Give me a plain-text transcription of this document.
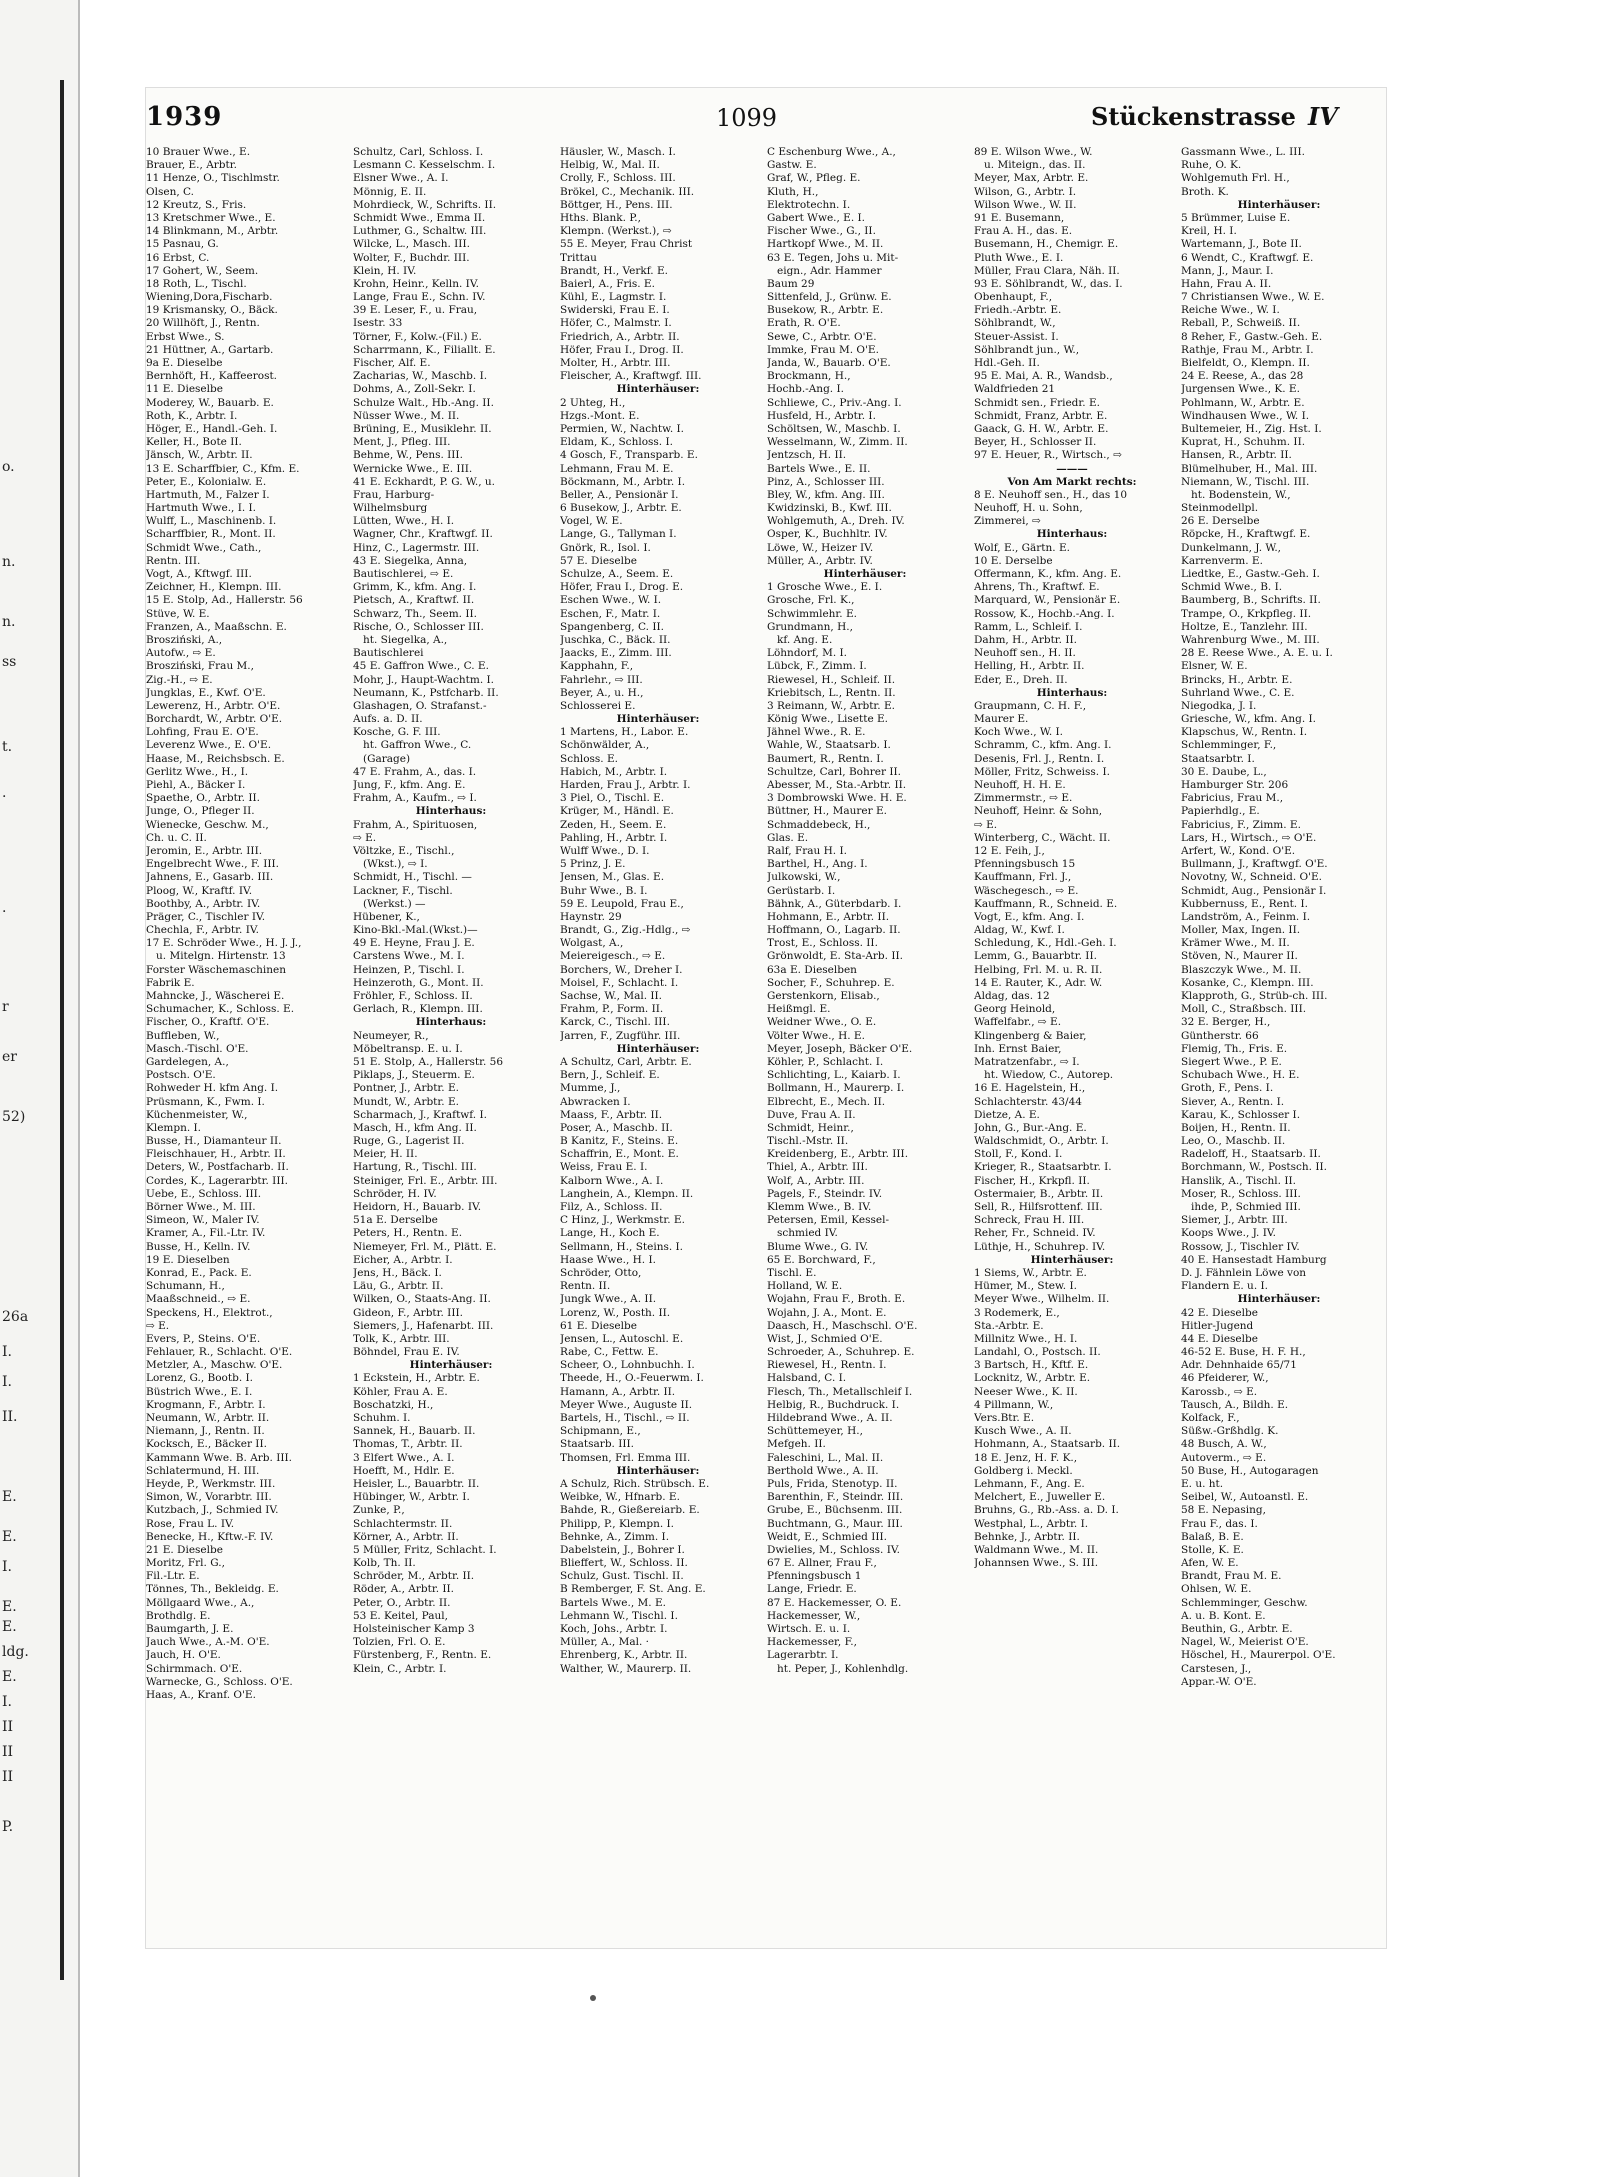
o.
n.
n.
ss
t.
·
·
r
er
52)
26a
I.
I.
II.
E.
E.
I.
E.
E.
ldg.
E.
I.
II
II
II
P.
1939	1099	Stückenstrasse IV
10 Brauer Wwe., E.
Brauer, E., Arbtr.
11 Henze, O., Tischlmstr.
Olsen, C.
12 Kreutz, S., Fris.
13 Kretschmer Wwe., E.
14 Blinkmann, M., Arbtr.
15 Pasnau, G.
16 Erbst, C.
17 Gohert, W., Seem.
18 Roth, L., Tischl.
Wiening,Dora,Fischarb.
19 Krismansky, O., Bäck.
20 Willhöft, J., Rentn.
Erbst Wwe., S.
21 Hüttner, A., Gartarb.
9a E. Dieselbe
Bernhöft, H., Kaffeerost.
11 E. Dieselbe
Moderey, W., Bauarb. E.
Roth, K., Arbtr. I.
Höger, E., Handl.-Geh. I.
Keller, H., Bote II.
Jänsch, W., Arbtr. II.
13 E. Scharffbier, C., Kfm. E.
Peter, E., Kolonialw. E.
Hartmuth, M., Falzer I.
Hartmuth Wwe., I. I.
Wulff, L., Maschinenb. I.
Scharffbier, R., Mont. II.
Schmidt Wwe., Cath.,
Rentn. III.
Vogt, A., Kftwgf. III.
Zeichner, H., Klempn. III.
15 E. Stolp, Ad., Hallerstr. 56
Stüve, W. E.
Franzen, A., Maaßschn. E.
Brosziński, A.,
Autofw., ⇨ E.
Brosziński, Frau M.,
Zig.-H., ⇨ E.
Jungklas, E., Kwf. O'E.
Lewerenz, H., Arbtr. O'E.
Borchardt, W., Arbtr. O'E.
Lohfing, Frau E. O'E.
Leverenz Wwe., E. O'E.
Haase, M., Reichsbsch. E.
Gerlitz Wwe., H., I.
Piehl, A., Bäcker I.
Spaethe, O., Arbtr. II.
Junge, O., Pfleger II.
Wienecke, Geschw. M.,
Ch. u. C. II.
Jeromin, E., Arbtr. III.
Engelbrecht Wwe., F. III.
Jahnens, E., Gasarb. III.
Ploog, W., Kraftf. IV.
Boothby, A., Arbtr. IV.
Präger, C., Tischler IV.
Chechla, F., Arbtr. IV.
17 E. Schröder Wwe., H. J. J.,
u. Mitelgn. Hirtenstr. 13
Forster Wäschemaschinen
Fabrik E.
Mahncke, J., Wäscherei E.
Schumacher, K., Schloss. E.
Fischer, O., Kraftf. O'E.
Buffleben, W.,
Masch.-Tischl. O'E.
Gardelegen, A.,
Postsch. O'E.
Rohweder H. kfm Ang. I.
Prüsmann, K., Fwm. I.
Küchenmeister, W.,
Klempn. I.
Busse, H., Diamanteur II.
Fleischhauer, H., Arbtr. II.
Deters, W., Postfacharb. II.
Cordes, K., Lagerarbtr. III.
Uebe, E., Schloss. III.
Börner Wwe., M. III.
Simeon, W., Maler IV.
Kramer, A., Fil.-Ltr. IV.
Busse, H., Kelln. IV.
19 E. Dieselben
Konrad, E., Pack. E.
Schumann, H.,
Maaßschneid., ⇨ E.
Speckens, H., Elektrot.,
⇨ E.
Evers, P., Steins. O'E.
Fehlauer, R., Schlacht. O'E.
Metzler, A., Maschw. O'E.
Lorenz, G., Bootb. I.
Büstrich Wwe., E. I.
Krogmann, F., Arbtr. I.
Neumann, W., Arbtr. II.
Niemann, J., Rentn. II.
Kocksch, E., Bäcker II.
Kammann Wwe. B. Arb. III.
Schlatermund, H. III.
Heyde, P., Werkmstr. III.
Simon, W., Vorarbtr. III.
Kutzbach, J., Schmied IV.
Rose, Frau L. IV.
Benecke, H., Kftw.-F. IV.
21 E. Dieselbe
Moritz, Frl. G.,
Fil.-Ltr. E.
Tönnes, Th., Bekleidg. E.
Möllgaard Wwe., A.,
Brothdlg. E.
Baumgarth, J. E.
Jauch Wwe., A.-M. O'E.
Jauch, H. O'E.
Schirmmach. O'E.
Warnecke, G., Schloss. O'E.
Haas, A., Kranf. O'E.
Schultz, Carl, Schloss. I.
Lesmann C. Kesselschm. I.
Elsner Wwe., A. I.
Mönnig, E. II.
Mohrdieck, W., Schrifts. II.
Schmidt Wwe., Emma II.
Luthmer, G., Schaltw. III.
Wilcke, L., Masch. III.
Wolter, F., Buchdr. III.
Klein, H. IV.
Krohn, Heinr., Kelln. IV.
Lange, Frau E., Schn. IV.
39 E. Leser, F., u. Frau,
Isestr. 33
Törner, F., Kolw.-(Fil.) E.
Scharrmann, K., Filiallt. E.
Fischer, Alf. E.
Zacharias, W., Maschb. I.
Dohms, A., Zoll-Sekr. I.
Schulze Walt., Hb.-Ang. II.
Nüsser Wwe., M. II.
Brüning, E., Musiklehr. II.
Ment, J., Pfleg. III.
Behme, W., Pens. III.
Wernicke Wwe., E. III.
41 E. Eckhardt, P. G. W., u.
Frau, Harburg-
Wilhelmsburg
Lütten, Wwe., H. I.
Wagner, Chr., Kraftwgf. II.
Hinz, C., Lagermstr. III.
43 E. Siegelka, Anna,
Bautischlerei, ⇨ E.
Grimm, K., kfm. Ang. I.
Pietsch, A., Kraftwf. II.
Schwarz, Th., Seem. II.
Rische, O., Schlosser III.
ht. Siegelka, A.,
Bautischlerei
45 E. Gaffron Wwe., C. E.
Mohr, J., Haupt-Wachtm. I.
Neumann, K., Pstfcharb. II.
Glashagen, O. Strafanst.-
Aufs. a. D. II.
Kosche, G. F. III.
ht. Gaffron Wwe., C.
(Garage)
47 E. Frahm, A., das. I.
Jung, F., kfm. Ang. E.
Frahm, A., Kaufm., ⇨ I.
Hinterhaus:
Frahm, A., Spirituosen,
⇨ E.
Völtzke, E., Tischl.,
(Wkst.), ⇨ I.
Schmidt, H., Tischl. —
Lackner, F., Tischl.
(Werkst.) —
Hübener, K.,
Kino-Bkl.-Mal.(Wkst.)—
49 E. Heyne, Frau J. E.
Carstens Wwe., M. I.
Heinzen, P., Tischl. I.
Heinzeroth, G., Mont. II.
Fröhler, F., Schloss. II.
Gerlach, R., Klempn. III.
Hinterhaus:
Neumeyer, R.,
Möbeltransp. E. u. I.
51 E. Stolp, A., Hallerstr. 56
Piklaps, J., Steuerm. E.
Pontner, J., Arbtr. E.
Mundt, W., Arbtr. E.
Scharmach, J., Kraftwf. I.
Masch, H., kfm Ang. II.
Ruge, G., Lagerist II.
Meier, H. II.
Hartung, R., Tischl. III.
Steiniger, Frl. E., Arbtr. III.
Schröder, H. IV.
Heidorn, H., Bauarb. IV.
51a E. Derselbe
Peters, H., Rentn. E.
Niemeyer, Frl. M., Plätt. E.
Eicher, A., Arbtr. I.
Jens, H., Bäck. I.
Läu, G., Arbtr. II.
Wilken, O., Staats-Ang. II.
Gideon, F., Arbtr. III.
Siemers, J., Hafenarbt. III.
Tolk, K., Arbtr. III.
Böhndel, Frau E. IV.
Hinterhäuser:
1 Eckstein, H., Arbtr. E.
Köhler, Frau A. E.
Boschatzki, H.,
Schuhm. I.
Sannek, H., Bauarb. II.
Thomas, T., Arbtr. II.
3 Elfert Wwe., A. I.
Hoefft, M., Hdlr. E.
Heisler, L., Bauarbtr. II.
Hübinger, W., Arbtr. I.
Zunke, P.,
Schlachtermstr. II.
Körner, A., Arbtr. II.
5 Müller, Fritz, Schlacht. I.
Kolb, Th. II.
Schröder, M., Arbtr. II.
Röder, A., Arbtr. II.
Peter, O., Arbtr. II.
53 E. Keitel, Paul,
Holsteinischer Kamp 3
Tolzien, Frl. O. E.
Fürstenberg, F., Rentn. E.
Klein, C., Arbtr. I.
Häusler, W., Masch. I.
Helbig, W., Mal. II.
Crolly, F., Schloss. III.
Brökel, C., Mechanik. III.
Böttger, H., Pens. III.
Hths. Blank. P.,
Klempn. (Werkst.), ⇨
55 E. Meyer, Frau Christ
Trittau
Brandt, H., Verkf. E.
Baierl, A., Fris. E.
Kühl, E., Lagmstr. I.
Swiderski, Frau E. I.
Höfer, C., Malmstr. I.
Friedrich, A., Arbtr. II.
Höfer, Frau I., Drog. II.
Molter, H., Arbtr. III.
Fleischer, A., Kraftwgf. III.
Hinterhäuser:
2 Uhteg, H.,
Hzgs.-Mont. E.
Permien, W., Nachtw. I.
Eldam, K., Schloss. I.
4 Gosch, F., Transparb. E.
Lehmann, Frau M. E.
Böckmann, M., Arbtr. I.
Beller, A., Pensionär I.
6 Busekow, J., Arbtr. E.
Vogel, W. E.
Lange, G., Tallyman I.
Gnörk, R., Isol. I.
57 E. Dieselbe
Schulze, A., Seem. E.
Höfer, Frau I., Drog. E.
Eschen Wwe., W. I.
Eschen, F., Matr. I.
Spangenberg, C. II.
Juschka, C., Bäck. II.
Jaacks, E., Zimm. III.
Kapphahn, F.,
Fahrlehr., ⇨ III.
Beyer, A., u. H.,
Schlosserei E.
Hinterhäuser:
1 Martens, H., Labor. E.
Schönwälder, A.,
Schloss. E.
Habich, M., Arbtr. I.
Harden, Frau J., Arbtr. I.
3 Piel, O., Tischl. E.
Krüger, M., Händl. E.
Zeden, H., Seem. E.
Pahling, H., Arbtr. I.
Wulff Wwe., D. I.
5 Prinz, J. E.
Jensen, M., Glas. E.
Buhr Wwe., B. I.
59 E. Leupold, Frau E.,
Haynstr. 29
Brandt, G., Zig.-Hdlg., ⇨
Wolgast, A.,
Meiereigesch., ⇨ E.
Borchers, W., Dreher I.
Moisel, F., Schlacht. I.
Sachse, W., Mal. II.
Frahm, P., Form. II.
Karck, C., Tischl. III.
Jarren, F., Zugführ. III.
Hinterhäuser:
A Schultz, Carl, Arbtr. E.
Bern, J., Schleif. E.
Mumme, J.,
Abwracken I.
Maass, F., Arbtr. II.
Poser, A., Maschb. II.
B Kanitz, F., Steins. E.
Schaffrin, E., Mont. E.
Weiss, Frau E. I.
Kalborn Wwe., A. I.
Langhein, A., Klempn. II.
Filz, A., Schloss. II.
C Hinz, J., Werkmstr. E.
Lange, H., Koch E.
Sellmann, H., Steins. I.
Haase Wwe., H. I.
Schröder, Otto,
Rentn. II.
Jungk Wwe., A. II.
Lorenz, W., Posth. II.
61 E. Dieselbe
Jensen, L., Autoschl. E.
Rabe, C., Fettw. E.
Scheer, O., Lohnbuchh. I.
Theede, H., O.-Feuerwm. I.
Hamann, A., Arbtr. II.
Meyer Wwe., Auguste II.
Bartels, H., Tischl., ⇨ II.
Schipmann, E.,
Staatsarb. III.
Thomsen, Frl. Emma III.
Hinterhäuser:
A Schulz, Rich. Strübsch. E.
Weibke, W., Hfnarb. E.
Bahde, R., Gießereiarb. E.
Philipp, P., Klempn. I.
Behnke, A., Zimm. I.
Dabelstein, J., Bohrer I.
Blieffert, W., Schloss. II.
Schulz, Gust. Tischl. II.
B Remberger, F. St. Ang. E.
Bartels Wwe., M. E.
Lehmann W., Tischl. I.
Koch, Johs., Arbtr. I.
Müller, A., Mal. ·
Ehrenberg, K., Arbtr. II.
Walther, W., Maurerp. II.
C Eschenburg Wwe., A.,
Gastw. E.
Graf, W., Pfleg. E.
Kluth, H.,
Elektrotechn. I.
Gabert Wwe., E. I.
Fischer Wwe., G., II.
Hartkopf Wwe., M. II.
63 E. Tegen, Johs u. Mit-
eign., Adr. Hammer
Baum 29
Sittenfeld, J., Grünw. E.
Busekow, R., Arbtr. E.
Erath, R. O'E.
Sewe, C., Arbtr. O'E.
Immke, Frau M. O'E.
Janda, W., Bauarb. O'E.
Brockmann, H.,
Hochb.-Ang. I.
Schliewe, C., Priv.-Ang. I.
Husfeld, H., Arbtr. I.
Schöltsen, W., Maschb. I.
Wesselmann, W., Zimm. II.
Jentzsch, H. II.
Bartels Wwe., E. II.
Pinz, A., Schlosser III.
Bley, W., kfm. Ang. III.
Kwidzinski, B., Kwf. III.
Wohlgemuth, A., Dreh. IV.
Osper, K., Buchhltr. IV.
Löwe, W., Heizer IV.
Müller, A., Arbtr. IV.
Hinterhäuser:
1 Grosche Wwe., E. I.
Grosche, Frl. K.,
Schwimmlehr. E.
Grundmann, H.,
kf. Ang. E.
Löhndorf, M. I.
Lübck, F., Zimm. I.
Riewesel, H., Schleif. II.
Kriebitsch, L., Rentn. II.
3 Reimann, W., Arbtr. E.
König Wwe., Lisette E.
Jähnel Wwe., R. E.
Wahle, W., Staatsarb. I.
Baumert, R., Rentn. I.
Schultze, Carl, Bohrer II.
Abesser, M., Sta.-Arbtr. II.
3 Dombrowski Wwe. H. E.
Büttner, H., Maurer E.
Schmaddebeck, H.,
Glas. E.
Ralf, Frau H. I.
Barthel, H., Ang. I.
Julkowski, W.,
Gerüstarb. I.
Bähnk, A., Güterbdarb. I.
Hohmann, E., Arbtr. II.
Hoffmann, O., Lagarb. II.
Trost, E., Schloss. II.
Grönwoldt, E. Sta-Arb. II.
63a E. Dieselben
Socher, F., Schuhrep. E.
Gerstenkorn, Elisab.,
Heißmgl. E.
Weidner Wwe., O. E.
Völter Wwe., H. E.
Meyer, Joseph, Bäcker O'E.
Köhler, P., Schlacht. I.
Schlichting, L., Kaiarb. I.
Bollmann, H., Maurerp. I.
Elbrecht, E., Mech. II.
Duve, Frau A. II.
Schmidt, Heinr.,
Tischl.-Mstr. II.
Kreidenberg, E., Arbtr. III.
Thiel, A., Arbtr. III.
Wolf, A., Arbtr. III.
Pagels, F., Steindr. IV.
Klemm Wwe., B. IV.
Petersen, Emil, Kessel-
schmied IV.
Blume Wwe., G. IV.
65 E. Borchward, F.,
Tischl. E.
Holland, W. E.
Wojahn, Frau F., Broth. E.
Wojahn, J. A., Mont. E.
Daasch, H., Maschschl. O'E.
Wist, J., Schmied O'E.
Schroeder, A., Schuhrep. E.
Riewesel, H., Rentn. I.
Halsband, C. I.
Flesch, Th., Metallschleif I.
Helbig, R., Buchdruck. I.
Hildebrand Wwe., A. II.
Schüttemeyer, H.,
Mefgeh. II.
Faleschini, L., Mal. II.
Berthold Wwe., A. II.
Puls, Frida, Stenotyp. II.
Barenthin, F., Steindr. III.
Grube, E., Büchsenm. III.
Buchtmann, G., Maur. III.
Weidt, E., Schmied III.
Dwielies, M., Schloss. IV.
67 E. Allner, Frau F.,
Pfenningsbusch 1
Lange, Friedr. E.
87 E. Hackemesser, O. E.
Hackemesser, W.,
Wirtsch. E. u. I.
Hackemesser, F.,
Lagerarbtr. I.
ht. Peper, J., Kohlenhdlg.
89 E. Wilson Wwe., W.
u. Miteign., das. II.
Meyer, Max, Arbtr. E.
Wilson, G., Arbtr. I.
Wilson Wwe., W. II.
91 E. Busemann,
Frau A. H., das. E.
Busemann, H., Chemigr. E.
Pluth Wwe., E. I.
Müller, Frau Clara, Näh. II.
93 E. Söhlbrandt, W., das. I.
Obenhaupt, F.,
Friedh.-Arbtr. E.
Söhlbrandt, W.,
Steuer-Assist. I.
Söhlbrandt jun., W.,
Hdl.-Geh. II.
95 E. Mai, A. R., Wandsb.,
Waldfrieden 21
Schmidt sen., Friedr. E.
Schmidt, Franz, Arbtr. E.
Gaack, G. H. W., Arbtr. E.
Beyer, H., Schlosser II.
97 E. Heuer, R., Wirtsch., ⇨
———
Von Am Markt rechts:
8 E. Neuhoff sen., H., das 10
Neuhoff, H. u. Sohn,
Zimmerei, ⇨
Hinterhaus:
Wolf, E., Gärtn. E.
10 E. Derselbe
Offermann, K., kfm. Ang. E.
Ahrens, Th., Kraftwf. E.
Marquard, W., Pensionär E.
Rossow, K., Hochb.-Ang. I.
Ramm, L., Schleif. I.
Dahm, H., Arbtr. II.
Neuhoff sen., H. II.
Helling, H., Arbtr. II.
Eder, E., Dreh. II.
Hinterhaus:
Graupmann, C. H. F.,
Maurer E.
Koch Wwe., W. I.
Schramm, C., kfm. Ang. I.
Desenis, Frl. J., Rentn. I.
Möller, Fritz, Schweiss. I.
Neuhoff, H. H. E.
Zimmermstr., ⇨ E.
Neuhoff, Heinr. & Sohn,
⇨ E.
Winterberg, C., Wächt. II.
12 E. Feih, J.,
Pfenningsbusch 15
Kauffmann, Frl. J.,
Wäschegesch., ⇨ E.
Kauffmann, R., Schneid. E.
Vogt, E., kfm. Ang. I.
Aldag, W., Kwf. I.
Schledung, K., Hdl.-Geh. I.
Lemm, G., Bauarbtr. II.
Helbing, Frl. M. u. R. II.
14 E. Rauter, K., Adr. W.
Aldag, das. 12
Georg Heinold,
Waffelfabr., ⇨ E.
Klingenberg & Baier,
Inh. Ernst Baier,
Matratzenfabr., ⇨ I.
ht. Wiedow, C., Autorep.
16 E. Hagelstein, H.,
Schlachterstr. 43/44
Dietze, A. E.
John, G., Bur.-Ang. E.
Waldschmidt, O., Arbtr. I.
Stoll, F., Kond. I.
Krieger, R., Staatsarbtr. I.
Fischer, H., Krkpfl. II.
Ostermaier, B., Arbtr. II.
Sell, R., Hilfsrottenf. III.
Schreck, Frau H. III.
Reher, Fr., Schneid. IV.
Lüthje, H., Schuhrep. IV.
Hinterhäuser:
1 Siems, W., Arbtr. E.
Hümer, M., Stew. I.
Meyer Wwe., Wilhelm. II.
3 Rodemerk, E.,
Sta.-Arbtr. E.
Millnitz Wwe., H. I.
Landahl, O., Postsch. II.
3 Bartsch, H., Kftf. E.
Locknitz, W., Arbtr. E.
Neeser Wwe., K. II.
4 Pillmann, W.,
Vers.Btr. E.
Kusch Wwe., A. II.
Hohmann, A., Staatsarb. II.
18 E. Jenz, H. F. K.,
Goldberg i. Meckl.
Lehmann, F., Ang. E.
Melchert, E., Juweller E.
Bruhns, G., Rb.-Ass. a. D. I.
Westphal, L., Arbtr. I.
Behnke, J., Arbtr. II.
Waldmann Wwe., M. II.
Johannsen Wwe., S. III.
Gassmann Wwe., L. III.
Ruhe, O. K.
Wohlgemuth Frl. H.,
Broth. K.
Hinterhäuser:
5 Brümmer, Luise E.
Kreil, H. I.
Wartemann, J., Bote II.
6 Wendt, C., Kraftwgf. E.
Mann, J., Maur. I.
Hahn, Frau A. II.
7 Christiansen Wwe., W. E.
Reiche Wwe., W. I.
Reball, P., Schweiß. II.
8 Reher, F., Gastw.-Geh. E.
Rathje, Frau M., Arbtr. I.
Bielfeldt, O., Klempn. II.
24 E. Reese, A., das 28
Jurgensen Wwe., K. E.
Pohlmann, W., Arbtr. E.
Windhausen Wwe., W. I.
Bultemeier, H., Zig. Hst. I.
Kuprat, H., Schuhm. II.
Hansen, R., Arbtr. II.
Blümelhuber, H., Mal. III.
Niemann, W., Tischl. III.
ht. Bodenstein, W.,
Steinmodellpl.
26 E. Derselbe
Röpcke, H., Kraftwgf. E.
Dunkelmann, J. W.,
Karrenverm. E.
Liedtke, E., Gastw.-Geh. I.
Schmid Wwe., B. I.
Baumberg, B., Schrifts. II.
Trampe, O., Krkpfleg. II.
Holtze, E., Tanzlehr. III.
Wahrenburg Wwe., M. III.
28 E. Reese Wwe., A. E. u. I.
Elsner, W. E.
Brincks, H., Arbtr. E.
Suhrland Wwe., C. E.
Niegodka, J. I.
Griesche, W., kfm. Ang. I.
Klapschus, W., Rentn. I.
Schlemminger, F.,
Staatsarbtr. I.
30 E. Daube, L.,
Hamburger Str. 206
Fabricius, Frau M.,
Papierhdlg., E.
Fabricius, F., Zimm. E.
Lars, H., Wirtsch., ⇨ O'E.
Arfert, W., Kond. O'E.
Bullmann, J., Kraftwgf. O'E.
Novotny, W., Schneid. O'E.
Schmidt, Aug., Pensionär I.
Kubbernuss, E., Rent. I.
Landström, A., Feinm. I.
Moller, Max, Ingen. II.
Krämer Wwe., M. II.
Stöven, N., Maurer II.
Blaszczyk Wwe., M. II.
Kosanke, C., Klempn. III.
Klapproth, G., Strüb-ch. III.
Moll, C., Straßbsch. III.
32 E. Berger, H.,
Güntherstr. 66
Flemig, Th., Fris. E.
Siegert Wwe., P. E.
Schubach Wwe., H. E.
Groth, F., Pens. I.
Siever, A., Rentn. I.
Karau, K., Schlosser I.
Boijen, H., Rentn. II.
Leo, O., Maschb. II.
Radeloff, H., Staatsarb. II.
Borchmann, W., Postsch. II.
Hanslik, A., Tischl. II.
Moser, R., Schloss. III.
ihde, P., Schmied III.
Siemer, J., Arbtr. III.
Koops Wwe., J. IV.
Rossow, J., Tischler IV.
40 E. Hansestadt Hamburg
D. J. Fähnlein Löwe von
Flandern E. u. I.
Hinterhäuser:
42 E. Dieselbe
Hitler-Jugend
44 E. Dieselbe
46-52 E. Buse, H. F. H.,
Adr. Dehnhaide 65/71
46 Pfeiderer, W.,
Karossb., ⇨ E.
Tausch, A., Bildh. E.
Kolfack, F.,
Süßw.-Grßhdlg. K.
48 Busch, A. W.,
Autoverm., ⇨ E.
50 Buse, H., Autogaragen
E. u. ht.
Seibel, W., Autoanstl. E.
58 E. Nepasing,
Frau F., das. I.
Balaß, B. E.
Stolle, K. E.
Afen, W. E.
Brandt, Frau M. E.
Ohlsen, W. E.
Schlemminger, Geschw.
A. u. B. Kont. E.
Beuthin, G., Arbtr. E.
Nagel, W., Meierist O'E.
Höschel, H., Maurerpol. O'E.
Carstesen, J.,
Appar.-W. O'E.
